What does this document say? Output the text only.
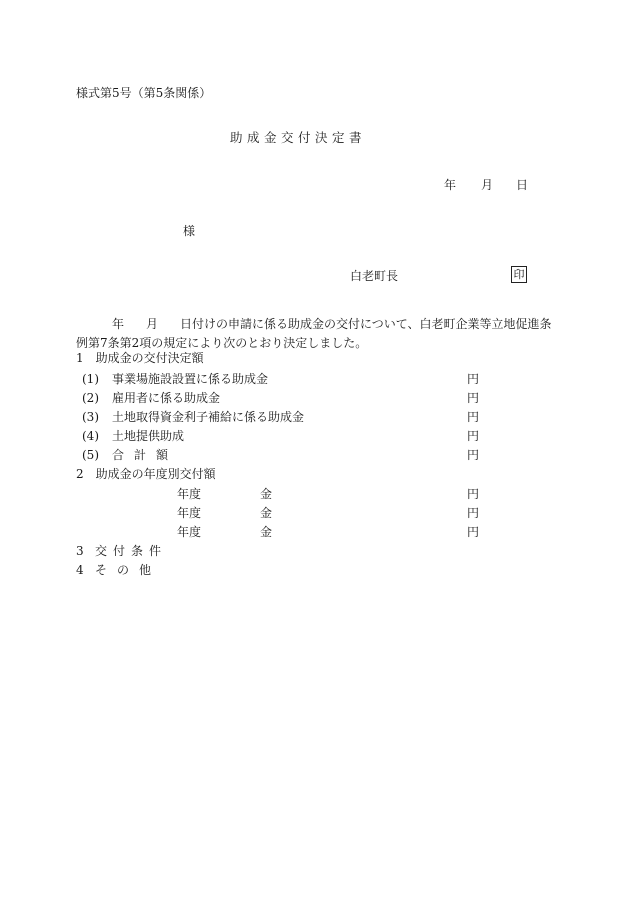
様式第5号（第5条関係）
助成金交付決定書
年 月 日
様
白老町長	印
年 月 日付けの申請に係る助成金の交付について、白老町企業等立地促進条
例第7条第2項の規定により次のとおり決定しました。
1　助成金の交付決定額
(1) 事業場施設設置に係る助成金	円
(2) 雇用者に係る助成金	円
(3) 土地取得資金利子補給に係る助成金	円
(4) 土地提供助成	円
(5) 合計額	円
2　助成金の年度別交付額
年度	金	円
年度	金	円
年度	金	円
3 交付条件
4 その他
